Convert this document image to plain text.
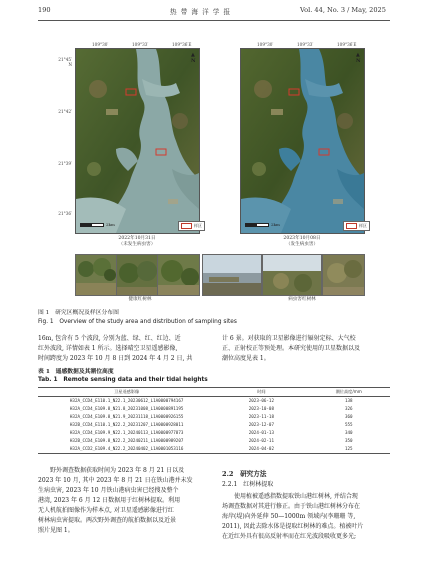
190	热 带 海 洋 学 报	Vol. 44, No. 3 / May, 2025
109°30′	109°33′	109°36′E	109°30′	109°33′	109°36′E
21°45′
N
21°42′
21°39′
21°36′
2km	样区
▲
N
2km	样区
▲
N
2022年10月31日
（未发生病虫害）
2023年10月08日
（发生病虫害）
健康红树林	病虫害红树林
图 1　研究区概况及样区分布图
Fig. 1　Overview of the study area and distribution of sampling sites
16m, 包含有 5 个波段, 分别为蓝、绿、红、红边、近
红外波段, 详情如表 1 所示。选择晴空卫星遥感影像,
时间跨度为 2023 年 10 月 8 日到 2024 年 4 月 2 日, 共
计 6 景。对获取的卫星影像进行辐射定标、大气校
正、正射校正等预处理。本研究使用的卫星数据以及
潮位高度见表 1。
表 1　遥感数据及其潮位高度
Tab. 1　Remote sensing data and their tidal heights
卫星遥感影像	时间	潮位高度/mm
H32A_CCD4_E110.1_N22.1_20230612_L1A0000794167	2023-06-12	138
H32A_CCD4_E109.8_N21.8_20231008_L1A0000891195	2023-10-08	326
H32A_CCD4_E109.8_N21.9_20231118_L1A0000926155	2023-11-18	360
H32B_CCD4_E110.1_N22.2_20231207_L1A0000928011	2023-12-07	555
H32A_CCD4_E109.9_N22.1_20240113_L1A0000977873	2024-01-13	340
H32B_CCD4_E109.8_N22.2_20240211_L1A0000989207	2024-02-11	350
H32A_CCD2_E109.4_N22.2_20240402_L1A0001053116	2024-04-02	125
野外调查数据获取时间为 2023 年 8 月 21 日以及
2023 年 10 月, 其中 2023 年 8 月 21 日在铁山港并未发
生病虫害, 2023 年 10 月铁山港病虫害已经搜及整个
港湾, 2023 年 6 月 12 日数据用于红树林提取。利用
无人机航拍图像作为样本点, 对卫星遥感影像进行红
树林病虫害提取。两次野外调查的航拍数据以及近景
照片见图 1。
2.2　研究方法
2.2.1　红树林提取
使用植被遥感指数提取铁山港红树林, 并结合现
场调查数据对其进行修正。由于铁山港红树林分布在
海岸(堤)向外延伸 50—1000m 领域内(李珊珊 等,
2011), 因此去除水体是提取红树林的难点。植被叶片
在近红外具有很高反射率而在红光波段吸收更多光;
